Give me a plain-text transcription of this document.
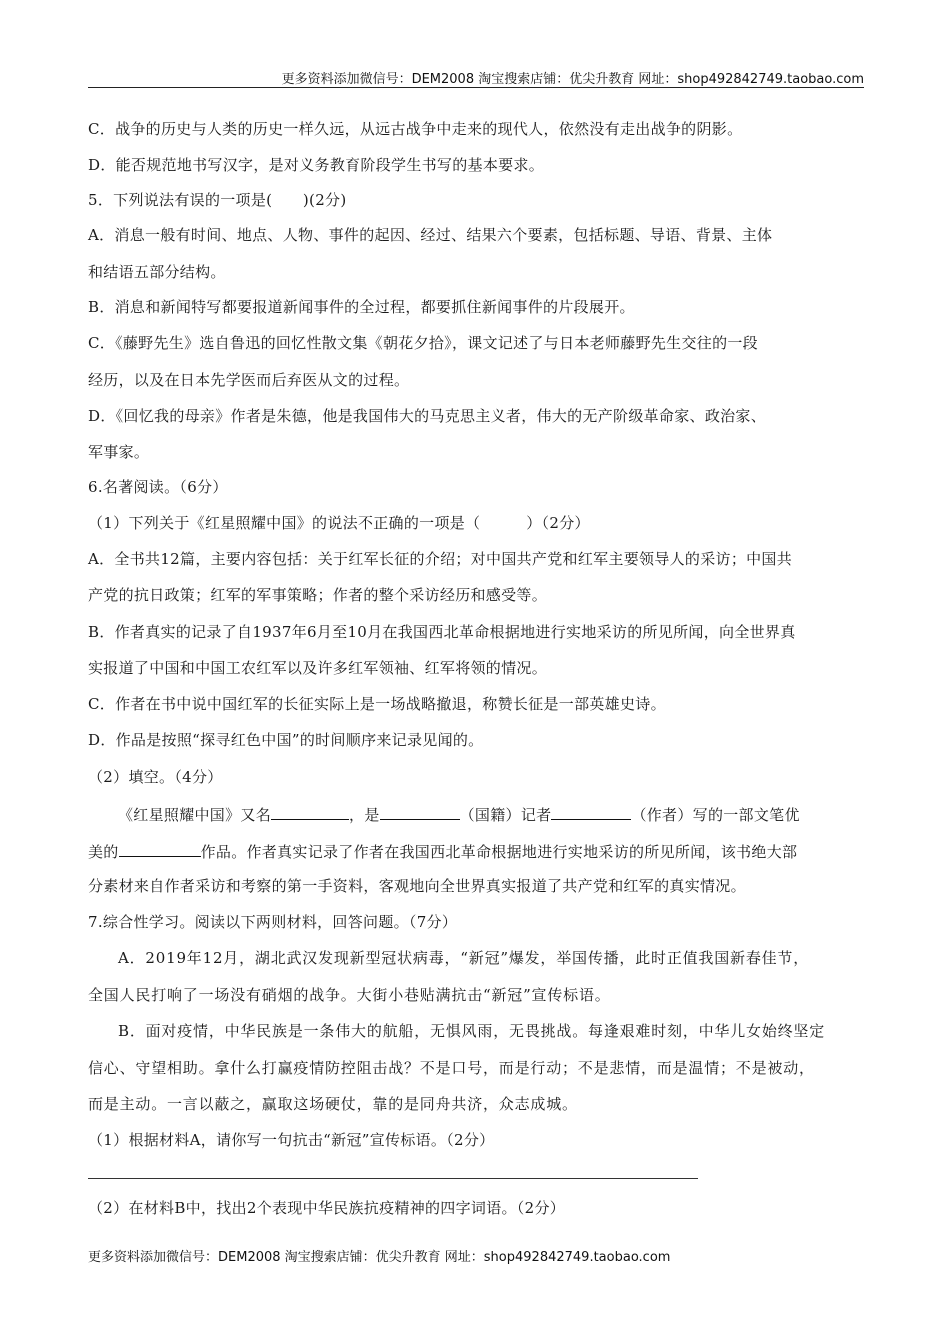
更多资料添加微信号：DEM2008 淘宝搜索店铺：优尖升教育 网址：shop492842749.taobao.com
C．战争的历史与人类的历史一样久远，从远古战争中走来的现代人，依然没有走出战争的阴影。
D．能否规范地书写汉字，是对义务教育阶段学生书写的基本要求。
5．下列说法有误的一项是(　　)(2分)
A．消息一般有时间、地点、人物、事件的起因、经过、结果六个要素，包括标题、导语、背景、主体
和结语五部分结构。
B．消息和新闻特写都要报道新闻事件的全过程，都要抓住新闻事件的片段展开。
C．《藤野先生》选自鲁迅的回忆性散文集《朝花夕拾》，课文记述了与日本老师藤野先生交往的一段
经历，以及在日本先学医而后弃医从文的过程。
D．《回忆我的母亲》作者是朱德，他是我国伟大的马克思主义者，伟大的无产阶级革命家、政治家、
军事家。
6.名著阅读。（6分）
（1）下列关于《红星照耀中国》的说法不正确的一项是（　　　）（2分）
A．全书共12篇，主要内容包括：关于红军长征的介绍；对中国共产党和红军主要领导人的采访；中国共
产党的抗日政策；红军的军事策略；作者的整个采访经历和感受等。
B．作者真实的记录了自1937年6月至10月在我国西北革命根据地进行实地采访的所见所闻，向全世界真
实报道了中国和中国工农红军以及许多红军领袖、红军将领的情况。
C．作者在书中说中国红军的长征实际上是一场战略撤退，称赞长征是一部英雄史诗。
D．作品是按照“探寻红色中国”的时间顺序来记录见闻的。
（2）填空。（4分）
《红星照耀中国》又名	，是	（国籍）记者	（作者）写的一部文笔优
美的	作品。作者真实记录了作者在我国西北革命根据地进行实地采访的所见所闻，该书绝大部
分素材来自作者采访和考察的第一手资料，客观地向全世界真实报道了共产党和红军的真实情况。
7.综合性学习。阅读以下两则材料，回答问题。（7分）
A．2019年12月，湖北武汉发现新型冠状病毒，“新冠”爆发，举国传播，此时正值我国新春佳节，
全国人民打响了一场没有硝烟的战争。大街小巷贴满抗击“新冠”宣传标语。
B．面对疫情，中华民族是一条伟大的航船，无惧风雨，无畏挑战。每逢艰难时刻，中华儿女始终坚定
信心、守望相助。拿什么打赢疫情防控阻击战？不是口号，而是行动；不是悲情，而是温情；不是被动，
而是主动。一言以蔽之，赢取这场硬仗，靠的是同舟共济，众志成城。
（1）根据材料A，请你写一句抗击“新冠”宣传标语。（2分）
（2）在材料B中，找出2个表现中华民族抗疫精神的四字词语。（2分）
更多资料添加微信号：DEM2008 淘宝搜索店铺：优尖升教育 网址：shop492842749.taobao.com
